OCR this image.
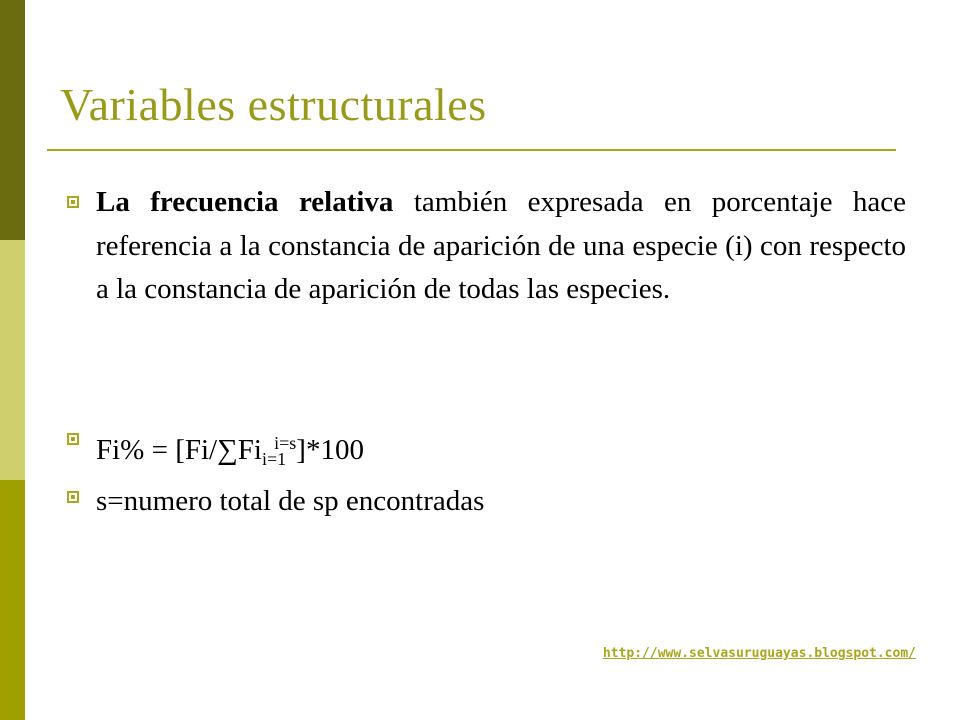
Variables estructurales
La frecuencia relativa también expresada en porcentaje hace referencia a la constancia de aparición de una especie (i) con respecto a la constancia de aparición de todas las especies.
$Fi\% = [Fi/\sum Fi_{i=1}^{i=s}]*100$
s=numero total de sp encontradas
http://www.selvasuruguayas.blogspot.com/
